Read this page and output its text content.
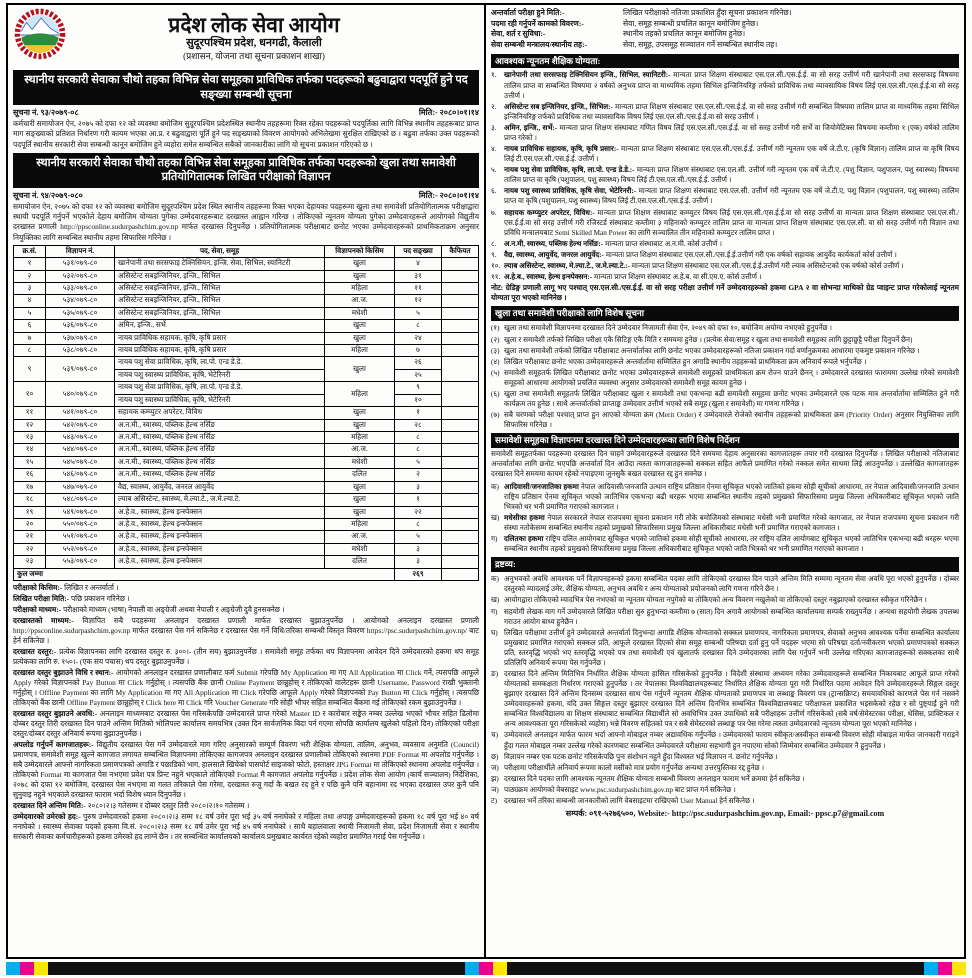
प्रदेश लोक सेवा आयोग
सुदूरपश्चिम प्रदेश, धनगढी, कैलाली
(प्रशासन, योजना तथा सूचना प्रकाशन शाखा)
स्थानीय सरकारी सेवाका चौथो तहका विभिन्न सेवा समूहका प्राविधिक तर्फका पदहरूको बढुवाद्वारा पदपूर्ति हुने पद सङ्ख्या सम्बन्धी सूचना
सूचना नं. ९३/२०७९-०८	मिति:- २०८०।०१।१४
कर्मचारी समायोजन ऐन, २०७५ को दफा १२ को व्यवस्था बमोजिम सुदूरपश्चिम प्रदेशस्थित स्थानीय तहहरूमा रिक्त रहेका पदहरूको पदपूर्तिका लागि विभिन्न स्थानीय तहहरूबाट प्राप्त माग सङ्ख्याको प्रतिशत निर्धारण गरी कायम भएका आ.प्र. र बढुवाद्वारा पूर्ति हुने पद सङ्ख्याको विवरण आयोगको अभिलेखमा सुरक्षित राखिएको छ । बढुवा तर्फका उक्त पदहरूको पदपूर्ति स्थानीय सरकारी सेवा सम्बन्धी कानून बमोजिम हुने व्यहोरा समेत सम्बन्धित सबैको जानकारीका लागि यो सूचना प्रकाशन गरिएको छ ।
स्थानीय सरकारी सेवाका चौथो तहका विभिन्न सेवा समूहका प्राविधिक तर्फका पदहरूको खुला तथा समावेशी प्रतियोगितात्मक लिखित परीक्षाको विज्ञापन
सूचना नं. ९४/२०७९-०८०	मिति:- २०८०।०१।१४
समायोजन ऐन, २०७५ को दफा १२ को व्यवस्था बमोजिम सुदूरपश्चिम प्रदेश स्थित स्थानीय तहहरूमा रिक्त भएका देहायका पदहरूमा खुला तथा समावेशी प्रतियोगितात्मक परीक्षाद्वारा स्थायी पदपूर्ति गर्नुपर्ने भएकोले देहाय बमोजिम योग्यता पुगेका उम्मेदवारहरूबाट दरखास्त आह्वान गरिन्छ । तोकिएको न्यूनतम योग्यता पुगेका उम्मेदवारहरूले आयोगको विद्युतीय दरखास्त प्रणाली http://ppsconline.sudurpashchim.gov.np मार्फत दरखास्त दिनुपर्नेछ । प्रतियोगितात्मक परीक्षाबाट छनोट भएका उम्मेदवारहरूको प्राथमिकताक्रम अनुसार नियुक्तिका लागि सम्बन्धित स्थानीय तहमा सिफारिस गरिनेछ ।
क्र.सं.	विज्ञापन नं.	पद, सेवा, समूह	विज्ञापनको किसिम	पद सङ्ख्या	कैफियत
१	५३१/०७९-८०	खानेपानी तथा सरसफाइ टेक्निसियन, इन्जि. सेवा, सिभिल, स्यानिटरी	खुला	४	
२	५३२/०७९-८०	असिस्टेन्ट सबइन्जिनियर, इन्जि., सिभिल	खुला	३१	
३	५३३/०७९-८०	असिस्टेन्ट सबइन्जिनियर, इन्जि., सिभिल	महिला	११	
४	५३४/०७९-८०	असिस्टेन्ट सबइन्जिनियर, इन्जि., सिभिल	आ.ज.	१२	
५	५३५/०७९-८०	असिस्टेन्ट सबइन्जिनियर, इन्जि., सिभिल	मधेशी	५	
६	५३६/०७९-८०	अमिन, इन्जि., सर्भे	खुला	८	
७	५३७/०७९-८०	नायब प्राविधिक सहायक, कृषि, कृषि प्रसार	खुला	२४	
८	५३८/०७९-८०	नायब प्राविधिक सहायक, कृषि, कृषि प्रसार	महिला	७	
९	५३९/०७९-८०	नायब पशु सेवा प्राविधिक, कृषि, ला.पो. एन्ड डे.डे.	खुला	२६	
		नायब पशु स्वास्थ्य प्राविधिक, कृषि, भेटेरिनरी		२५	
१०	५४०/०७९-८०	नायब पशु सेवा प्राविधिक, कृषि, ला.पो. एन्ड डे.डे.	महिला	९	
		नायब पशु स्वास्थ्य प्राविधिक, कृषि, भेटेरिनरी		१०	
११	५४१/०७९-८०	सहायक कम्प्युटर अपरेटर, विविध	खुला	१	
१२	५४२/०७९-८०	अ.न.मी., स्वास्थ्य, पब्लिक हेल्थ नर्सिङ	खुला	२८	
१३	५४३/०७९-८०	अ.न.मी., स्वास्थ्य, पब्लिक हेल्थ नर्सिङ	महिला	८	
१४	५४४/०७९-८०	अ.न.मी., स्वास्थ्य, पब्लिक हेल्थ नर्सिङ	आ.ज.	८	
१५	५४५/०७९-८०	अ.न.मी., स्वास्थ्य, पब्लिक हेल्थ नर्सिङ	मधेशी	५	
१६	५४६/०७९-८०	अ.न.मी., स्वास्थ्य, पब्लिक हेल्थ नर्सिङ	दलित	२	
१७	५४७/०७९-८०	वैद्य, स्वास्थ्य, आयुर्वेद, जनरल आयुर्वेद	खुला	३	
१८	५४८/०७९-८०	ल्याब असिस्टेन्ट, स्वास्थ्य, मे.ल्या.टे., ज.मे.ल्या.टे.	खुला	१	
१९	५४९/०७९-८०	अ.हे.व., स्वास्थ्य, हेल्थ इन्स्पेक्सन	खुला	२२	
२०	५५०/०७९-८०	अ.हे.व., स्वास्थ्य, हेल्थ इन्स्पेक्सन	महिला	८	
२१	५५१/०७९-८०	अ.हे.व., स्वास्थ्य, हेल्थ इन्स्पेक्सन	आ.ज.	५	
२२	५५२/०७९-८०	अ.हे.व., स्वास्थ्य, हेल्थ इन्स्पेक्सन	मधेशी	३	
२३	५५३/०७९-८०	अ.हे.व., स्वास्थ्य, हेल्थ इन्स्पेक्सन	दलित	३	
कुल जम्मा				२६९	
परीक्षाको किसिम:- लिखित र अन्तर्वार्ता ।
लिखित परीक्षा मिति:- पछि प्रकाशन गरिनेछ ।
परीक्षाको माध्यम:- परीक्षाको माध्यम (भाषा) नेपाली वा अङ्ग्रेजी अथवा नेपाली र अङ्ग्रेजी दुवै हुनसक्नेछ ।
दरखास्तको माध्यम:- विज्ञापित सबै पदहरूमा अनलाइन दरखास्त प्रणाली मार्फत दरखास्त बुझाउनुपर्नेछ । आयोगको अनलाइन दरखास्त प्रणाली http://ppsconline.sudurpashchim.gov.np मार्फत दरखास्त पेस गर्न सकिनेछ र दरखास्त पेस गर्ने विधि/तरिका सम्बन्धी विस्तृत विवरण https://psc.sudurpashchim.gov.np/ बाट हेर्न सकिनेछ ।
दरखास्त दस्तुर:- प्रत्येक विज्ञापनका लागि दरखास्त दस्तुर रु. ३००।- (तीन सय) बुझाउनुपर्नेछ । समावेशी समूह तर्फका थप विज्ञापनमा आवेदन दिने उम्मेदवारको हकमा थप समूह प्रत्येकका लागि रु. १५०।- (एक सय पचास) थप दस्तुर बुझाउनुपर्नेछ ।
दरखास्त दस्तुर बुझाउने विधि र स्थान:- आयोगको अनलाइन दरखास्त प्रणालीबाट फर्म Submit गरेपछि My Application मा गए All Application मा Click गर्ने, त्यसपछि आफूले Apply गरेको विज्ञापनको Pay Button मा Click गर्नुहोस् । त्यसपछि बैंक छानी Online Payment छान्नुहोस् र तोकिएको वालेटहरू छानी Username, Password राखी भुक्तानी गर्नुहोस् । Offline Payment का लागि My Application मा गए All Application मा Click गरेपछि आफूले Apply गरेको विज्ञापनको Pay Button मा Click गर्नुहोस् । त्यसपछि तोकिएको बैंक छानी Offline Payment छान्नुहोस् र Click here मा Click गरि Voucher Generate गरि सोही भौचर सहित सम्बन्धित बैंकमा गई तोकिएको रकम बुझाउनुपर्नेछ ।
दरखास्त दस्तुर बुझाउने अवधि:- अनलाइन माध्यमबाट दरखास्त पेस गरिसकेपछि उम्मेदवारले प्राप्त गरेको Master ID र कारोबार सङ्केत नम्बर उल्लेख भएको भौचर सहित ढिलोमा दोब्बर दस्तुर तिरी दरखास्त दिन पाउने अन्तिम मितिको भोलिपल्ट कार्यालय समयभित्र (उक्त दिन सार्वजनिक बिदा पर्न गएमा सोपछि कार्यालय खुलेको पहिलो दिन) तोकिएको परीक्षा दस्तुर/दोब्बर दस्तुर अनिवार्य रूपमा बुझाउनुपर्नेछ ।
अपलोड गर्नुपर्ने कागजातहरू:- विद्युतीय दरखास्त पेस गर्ने उम्मेदवारले माग गरिए अनुसारको सम्पूर्ण विवरण भरी शैक्षिक योग्यता, तालिम, अनुभव, व्यवसाय अनुमति (Council) प्रमाणपत्र, समावेशी समूह खुल्ने कागजात लगायत सम्बन्धित विज्ञापनमा तोकिएका कागजपत्र अनलाइन दरखास्त प्रणालीको तोकिएको स्थानमा PDF Format मा अपलोड गर्नुपर्नेछ । सबै उम्मेदवारले आफ्नो नागरिकता प्रमाणपत्रको अगाडि र पछाडिको भाग, हालसालै खिचेको पासपोर्ट साइजको फोटो, हस्ताक्षर JPG Format मा तोकिएको स्थानमा अपलोड गर्नुपर्नेछ । तोकिएको Format मा कागजात पेस नभएमा प्रवेश पत्र प्रिन्ट नहुने भएकाले तोकिएको Format मै कागजात अपलोड गर्नुपर्नेछ । प्रदेश लोक सेवा आयोग (कार्य सञ्चालन) निर्देशिका, २०७८ को दफा १२ बमोजिम, दरखास्त पेस नभएमा वा गलत तरिकाले पेस गरेमा, दरखास्त रुजु गर्दा कै बखत रद हुने र पछि कुनै पनि बहानामा रद भएका दरखास्त उपर कुनै पनि सुनुवाइ नहुने भएकाले दरखास्त फाराम भर्दा विशेष ध्यान दिनुपर्नेछ ।
दरखास्त दिने अन्तिम मिति:- २०८०।२।३ गतेसम्म र दोब्बर दस्तुर तिरी २०८०।२।१० गतेसम्म ।
उम्मेदवारको उमेरको हद:- पुरुष उम्मेदवारको हकमा २०८०।२।३ सम्म १८ वर्ष उमेर पूरा भई ३५ वर्ष ननाघेको र महिला तथा अपाङ्ग उम्मेदवारहरूको हकमा १८ वर्ष पूरा भई ४० वर्ष ननाघेको । स्वास्थ्य सेवाका पदको हकमा वि.सं. २०८०।२।३ सम्म १८ वर्ष उमेर पूरा भई ४५ वर्ष ननाघेको । साथै बहालवाला स्थायी निजामती सेवा, प्रदेश निजामती सेवा र स्थानीय सरकारी सेवाका कर्मचारीहरूको हकमा उमेरको हद लाग्ने छैन । तर सम्बन्धित कार्यालयको कार्यालय प्रमुखबाट कार्यरत रहेको व्यहोरा प्रमाणित गराई पेस गर्नुपर्नेछ ।
अन्तर्वार्ता परीक्षा हुने मिति:-	लिखित परीक्षाको नतिजा प्रकाशित हुँदा सूचना प्रकाशन गरिनेछ।
पदमा रही गर्नुपर्ने कामको विवरण:-	सेवा, समूह सम्बन्धी प्रचलित कानून बमोजिम हुनेछ।
सेवा, शर्त र सुविधा:-	स्थानीय तहको प्रचलित कानून बमोजिम हुनेछ।
सेवा सम्बन्धी मन्त्रालय/स्थानीय तह:-	सेवा, समूह, उपसमूह सञ्चालन गर्ने सम्बन्धित स्थानीय तह।
आवश्यक न्यूनतम शैक्षिक योग्यता:
१.	खानेपानी तथा सरसफाइ टेक्निसियन इन्जि., सिभिल, स्यानिटरी:- मान्यता प्राप्त शिक्षण संस्थाबाट एस.एल.सी./एस.ई.ई. वा सो सरह उत्तीर्ण गरी खानेपानी तथा सरसफाइ विषयमा तालिम प्राप्त वा सम्बन्धित विषयमा २ वर्षको अनुभव प्राप्त वा माध्यमिक तहमा सिभिल इन्जिनियरिङ्ग तर्फको प्राविधिक तथा व्यावसायिक विषय लिई एस.एल.सी./एस.ई.ई.वा सो सरह उत्तीर्ण ।
२.	असिस्टेन्ट सब इन्जिनियर, इन्जि., सिभिल:- मान्यता प्राप्त शिक्षण संस्थाबाट एस.एल.सी./एस.ई.ई. वा सो सरह उत्तीर्ण गरी सम्बन्धित विषयमा तालिम प्राप्त वा माध्यमिक तहमा सिभिल इन्जिनियरिङ्ग तर्फको प्राविधिक तथा व्यावसायिक विषय लिई एस.एल.सी./एस.ई.ई.वा सो सरह उत्तीर्ण ।
३.	अमिन, इन्जि., सर्भे:- मान्यता प्राप्त शिक्षण संस्थाबाट गणित विषय लिई एस.एल.सी./एस.ई.ई. वा सो सरह उत्तीर्ण गरी सर्भे वा जियोमेटिक्स विषयमा कम्तीमा १ (एक) वर्षको तालिम प्राप्त गरेको ।
४.	नायब प्राविधिक सहायक, कृषि, कृषि प्रसार:- मान्यता प्राप्त शिक्षण संस्थाबाट एस.एल.सी./एस.ई.ई. उत्तीर्ण गरी न्यूनतम एक वर्षे जे.टी.ए. (कृषि विज्ञान) तालिम प्राप्त वा कृषि विषय लिई टी.एस.एल.सी./एस.ई.ई. उत्तीर्ण ।
५.	नायब पशु सेवा प्राविधिक, कृषि, ला.पो. एन्ड डे.डे.:- मान्यता प्राप्त शिक्षण संस्थाबाट एस.एल.सी. उत्तीर्ण गरी न्यूनतम एक वर्षे जे.टी.ए. (पशु विज्ञान, पशुपालन, पशु स्वास्थ्य) विषयमा तालिम प्राप्त वा कृषि (पशुपालन, पशु स्वास्थ्य) विषय लिई टी.एस.एल.सी./एस.ई.ई. उत्तीर्ण ।
६.	नायब पशु स्वास्थ्य प्राविधिक, कृषि सेवा, भेटेरिनरी:- मान्यता प्राप्त शिक्षण संस्थाबाट एस.एल.सी. उत्तीर्ण गरी न्यूनतम एक वर्षे जे.टी.ए, पशु विज्ञान (पशुपालन, पशु स्वास्थ्य) तालिम प्राप्त वा कृषि (पशुपालन, पशु स्वास्थ्य) विषय लिई टी.एस.एल.सी./एस.ई.ई. उत्तीर्ण ।
७.	सहायक कम्प्युटर अपरेटर, विविध:- मान्यता प्राप्त शिक्षण संस्थाबाट कम्प्युटर विषय लिई एस.एल.सी./एस.ई.ई.वा सो सरह उत्तीर्ण वा मान्यता प्राप्त शिक्षण संस्थाबाट एस.एल.सी./एस.ई.ई.वा सो सरह उत्तीर्ण गरी रजिस्टर्ड संस्थाबाट कम्तीमा ३ महिनाको कम्प्युटर तालिम प्राप्त वा मान्यता प्राप्त शिक्षण संस्थाबाट एस.एल.सी. वा सो सरह उत्तीर्ण गरी विज्ञान तथा प्रविधि मन्त्रालयबाट Semi Skilled Man Power का लागि सञ्चालित तीन महिनाको कम्प्युटर तालिम प्राप्त ।
८.	अ.न.मी, स्वास्थ्य, पब्लिक हेल्थ नर्सिङ:- मान्यता प्राप्त संस्थाबाट अ.न.मी. कोर्स उत्तीर्ण ।
९.	वैद्य, स्वास्थ्य, आयुर्वेद, जनरल आयुर्वेद:- मान्यता प्राप्त शिक्षण संस्थाबाट एस.एल.सी./एस.ई.ई.उत्तीर्ण गरी एक वर्षको सहायक आयुर्वेद कार्यकर्ता कोर्स उत्तीर्ण ।
१०. ल्याब असिस्टेन्ट, स्वास्थ्य, मे.ल्या.टे., ज.मे.ल्या.टे.:- मान्यता प्राप्त शिक्षण संस्थाबाट एस.एल.सी./एस.ई.ई.उत्तीर्ण गरी ल्याब असिस्टेन्टको एक वर्षको कोर्स उत्तीर्ण ।
११. अ.हे.ब., स्वास्थ्य, हेल्थ इन्स्पेक्सन:- मान्यता प्राप्त शिक्षण संस्थाबाट अ.हे.ब. वा सी.एम.ए. कोर्स उत्तीर्ण ।
नोट: ग्रेडिङ्ग प्रणाली लागू भए पश्चात् एस.एल.सी./एस.ई.ई. वा सो सरह परीक्षा उत्तीर्ण गर्ने उम्मेदवारहरूको हकमा GPA २ वा सोभन्दा माथिको ग्रेड प्वाइन्ट प्राप्त गरेकोलाई न्यूनतम योग्यता पूरा भएको मानिनेछ ।
खुला तथा समावेशी परीक्षाको लागि विशेष सूचना
(१) खुला तथा समावेशी विज्ञापनमा दरखास्त दिने उम्मेदवार निजामती सेवा ऐन, २०४९ को दफा १०, बमोजिम अयोग्य नभएको हुनुपर्नेछ ।
(२) खुला र समावेशी तर्फको लिखित परीक्षा एकै सिटिङ्ग एकै मिति र समयमा हुनेछ । (प्रत्येक सेवा/समूह र खुला तथा समावेशी समूहका लागि छुट्टाछुट्टै परीक्षा दिनुपर्ने छैन)
(३) खुला तथा समावेशी तर्फको लिखित परीक्षाबाट अन्तर्वार्ताका लागि छनोट भएका उम्मेदवारहरूको नतिजा प्रकाशन गर्दा वर्णानुक्रमका आधारमा एकमुष्ट प्रकाशन गरिनेछ ।
(४) लिखित परीक्षाबाट छनोट भएका उम्मेदवारहरूले अन्तर्वार्तामा सम्मिलित हुन अगाडि स्थानीय तहहरूको प्राथमिकता क्रम अनिवार्य रूपले भर्नुपर्नेछ ।
(५) समावेशी समूहतर्फ लिखित परीक्षाबाट छनोट भएका उम्मेदवारहरूले समावेशी समूहको प्राथमिकता क्रम रोज्न पाउने छैनन् । उम्मेदवारले दरखास्त फाराममा उल्लेख गरेको समावेशी समूहको आधारमा आयोगको प्रचलित व्यवस्था अनुसार उम्मेदवारको समावेशी समूह कायम हुनेछ ।
(६) खुला तथा समावेशी समूहतर्फ लिखित परीक्षाबाट खुला र समावेशी तथा एकभन्दा बढी समावेशी समूहमा छनोट भएका उम्मेदवारले एक पटक मात्र अन्तर्वार्तामा सम्मिलित हुने गरी कार्यक्रम तय हुनेछ । साथै अन्तर्वार्ताको प्राप्ताङ्क उम्मेदवार उत्तीर्ण भएको सबै समूह (खुला र समावेशी) मा गणना गरिनेछ ।
(७) सबै चरणको परीक्षा पश्चात् प्राप्त हुन आएको योग्यता क्रम (Merit Order) र उम्मेदवारले रोजेको स्थानीय तहहरूको प्राथमिकता क्रम (Priority Order) अनुसार नियुक्तिका लागि सिफारिस गरिनेछ ।
समावेशी समूहका विज्ञापनमा दरखास्त दिने उम्मेदवारहरूका लागि विशेष निर्देशन
समावेशी समूहतर्फका पदहरूमा दरखास्त दिन चाहने उम्मेदवारहरूले दरखास्त दिने समयमा देहाय अनुसारका कागजातहरू तयार गरी दरखास्त दिनुपर्नेछ । लिखित परीक्षाको नतिजाबाट अन्तर्वार्ताका लागि छनोट भएपछि अन्तर्वार्ता दिन आउँदा त्यस्ता कागजातहरूको सक्कल सहित आफैंले प्रमाणित गरेको नक्कल समेत साथमा लिई आउनुपर्नेछ । उल्लेखित कागजातहरू दरखास्त दिने समयमा कायम रहेको नपाइएमा जुनसुकै बखत दरखास्त रद्द हुन सक्नेछ ।
क) आदिवासी/जनजातिका हकमा नेपाल आदिवासी/जनजाति उत्थान राष्ट्रिय प्रतिष्ठान ऐनमा सूचिकृत भएको जातिको हकमा सोही सूचीको आधारमा, तर नेपाल आदिवासी/जनजाति उत्थान राष्ट्रिय प्रतिष्ठान ऐनमा सूचिकृत भएको जातिभित्र एकभन्दा बढी थरहरू भएमा सम्बन्धित स्थानीय तहको प्रमुखको सिफारिसमा प्रमुख जिल्ला अधिकारीबाट सूचिकृत भएको जाति भित्रको थर भनी प्रमाणित गराएको कागजात ।
ख) मधेसीका हकमा नेपाल सरकारले नेपाल राजपत्रमा सूचना प्रकाशन गरी तोके बमोजिमको संस्थाबाट मधेसी भनी प्रमाणित गरेको कागजात, तर नेपाल राजपत्रमा सूचना प्रकाशन गरी संस्था नतोकेसम्म सम्बन्धित स्थानीय तहको प्रमुखको सिफारिसमा प्रमुख जिल्ला अधिकारीबाट मधेसी भनी प्रमाणित गराएको कागजात ।
ग) दलितका हकमा राष्ट्रिय दलित आयोगबाट सूचिकृत भएको जातिको हकमा सोही सूचीको आधारमा, तर राष्ट्रिय दलित आयोगबाट सूचिकृत भएको जातिभित्र एकभन्दा बढी थरहरू भएमा सम्बन्धित स्थानीय तहको प्रमुखको सिफारिसमा प्रमुख जिल्ला अधिकारीबाट सूचिकृत भएको जाति भित्रको थर भनी प्रमाणित गराएको कागजात ।
द्रष्टव्य:
क) अनुभवको अवधि आवश्यक पर्ने विज्ञापनहरूको हकमा सम्बन्धित पदका लागि तोकिएको दरखास्त दिन पाउने अन्तिम मिति सम्ममा न्यूनतम सेवा अवधि पूरा भएको हुनुपर्नेछ । दोब्बर दस्तुरको म्यादलाई उमेर, शैक्षिक योग्यता, अनुभव अवधि र अन्य योग्यताको प्रयोजनको लागि गणना गरिने छैन ।
ख) आयोगद्वारा तोकिएको म्यादभित्र पेस नभएको वा न्यूनतम योग्यता नपुगेको वा तोकिएको अन्य विवरण नखुलेको वा तोकिएको दस्तुर नबुझाएको दरखास्त स्वीकृत गरिनेछैन ।
ग) सहयोगी लेखक माग गर्ने उम्मेदवारले लिखित परीक्षा सुरु हुनुभन्दा कम्तीमा ७ (सात) दिन अगावै आयोगको सम्बन्धित कार्यालयमा सम्पर्क राख्नुपर्नेछ । अन्यथा सहयोगी लेखक उपलब्ध गराउन आयोग बाध्य हुनेछैन ।
घ) लिखित परीक्षामा उत्तीर्ण हुने उम्मेदवारले अन्तर्वार्ता दिनुभन्दा अगाडि शैक्षिक योग्यताको सक्कल प्रमाणपत्र, नागरिकता प्रमाणपत्र, सेवाको अनुभव आवश्यक पर्नेमा सम्बन्धित कार्यालय प्रमुखबाट प्रमाणित गराएको सक्कल प्रति, आफूले दरखास्त दिएको सेवा समूह सम्बन्धी परिषद्मा दर्ता हुनु पर्ने पदहरू भएमा सो परिषद्मा दर्ता/नवीकरण भएको प्रमाणपत्रको सक्कल प्रति, स्तरवृद्धि भएको भए स्तरवृद्धि भएको पत्र तथा समावेशी एवं खुलातर्फ दरखास्त दिने उम्मेदवारका लागि पेस गर्नुपर्ने भनी उल्लेख गरिएका कागजातहरूको सक्कलका साथै प्रतिलिपि अनिवार्य रूपमा पेस गर्नुपर्नेछ ।
ङ) दरखास्त दिने अन्तिम मितिभित्र निर्धारित शैक्षिक योग्यता हासिल गरिसकेको हुनुपर्नेछ । विदेशी संस्थामा अध्ययन गरेका उम्मेदवारहरूले सम्बन्धित निकायबाट आफूले प्राप्त गरेको योग्यताको समकक्षता निर्धारण गराएको हुनुपर्नेछ । तर नेपालका विश्वविद्यालयहरूबाट निर्धारित शैक्षिक योग्यता पूरा गरी निर्धारित पदमा आवेदन दिने उम्मेदवारहरूले सिङ्गल दस्तुर बुझाएर दरखास्त दिने अन्तिम दिनसम्म दरखास्त साथ पेस गर्नुपर्ने न्यूनतम शैक्षिक योग्यताको प्रमाणपत्र वा लब्धाङ्क विवरण पत्र (ट्रान्सक्रिप्ट) समयावधिको कारणले पेस गर्न नसक्ने उम्मेदवारहरूको हकमा, यदि उक्त सिङ्गल दस्तुर बुझाएर दरखास्त दिने अन्तिम दिनभित्र सम्बन्धित विश्वविद्यालयबाट परीक्षाफल प्रकाशित भइसकेको रहेछ र सो पुष्ट्याईं हुने गरी सम्बन्धित विश्वविद्यालय वा शिक्षण संस्थाबाट सम्बन्धित विद्यार्थीले सो अवधिभित्र उक्त उपाधिको सबै परीक्षाहरू उत्तीर्ण गरिसकेको (सबै वर्ष/सेमेस्टरका परीक्षा, थेसिस, प्राक्टिकल र अन्य आवश्यकता पूरा गरिसकेको व्यहोरा) भन्ने विवरण सहितको पत्र र सबै सेमेस्टरको लब्धाङ्क पत्र पेस गरेमा त्यस्ता उम्मेदवारको न्यूनतम योग्यता पूरा भएको मानिनेछ ।
च) उम्मेदवारले अनलाइन मार्फत फारम भर्दा आफ्नो मोबाइल नम्बर अद्यावधिक गर्नुपर्नेछ । उम्मेदवारको फाराम स्वीकृत/अस्वीकृत सम्बन्धी विवरण सोही मोबाइल मार्फत जानकारी गराइने हुँदा गलत मोबाइल नम्बर उल्लेख गरेको कारणबाट सम्बन्धित उम्मेदवारले परीक्षामा सहभागी हुन नपाएमा सोको जिम्मेवार सम्बन्धित उम्मेदवार नै हुनुपर्नेछ ।
छ) विज्ञापन नम्बर एक पटक छनोट गरिसकेपछि पुनः संशोधन नहुने हुँदा विश्वस्त भई विज्ञापन नं. छनोट गर्नुपर्नेछ ।
ज) परीक्षामा परीक्षार्थीले अनिवार्य रूपमा कालो मसीको मात्र प्रयोग गर्नुपर्नेछ अन्यथा उत्तरपुस्तिका रद्द हुनेछ ।
झ) दरखास्त दिने पदका लागि आवश्यक न्यूनतम शैक्षिक योग्यता सम्बन्धी विवरण अनलाइन फाराम भर्ने क्रममा हेर्न सकिनेछ ।
ञ) पाठ्यक्रम आयोगको वेबसाइट www.psc.sudurpashchim.gov.np बाट प्राप्त गर्न सकिनेछ ।
ट) दरखास्त भर्ने तरिका सम्बन्धी जानकारीको लागि वेबसाइटमा राखिएको User Manual हेर्न सकिनेछ ।
सम्पर्क: ०९१-५२७६५००, Website:- http://psc.sudurpashchim.gov.np, Email:- ppsc.p7@gmail.com
